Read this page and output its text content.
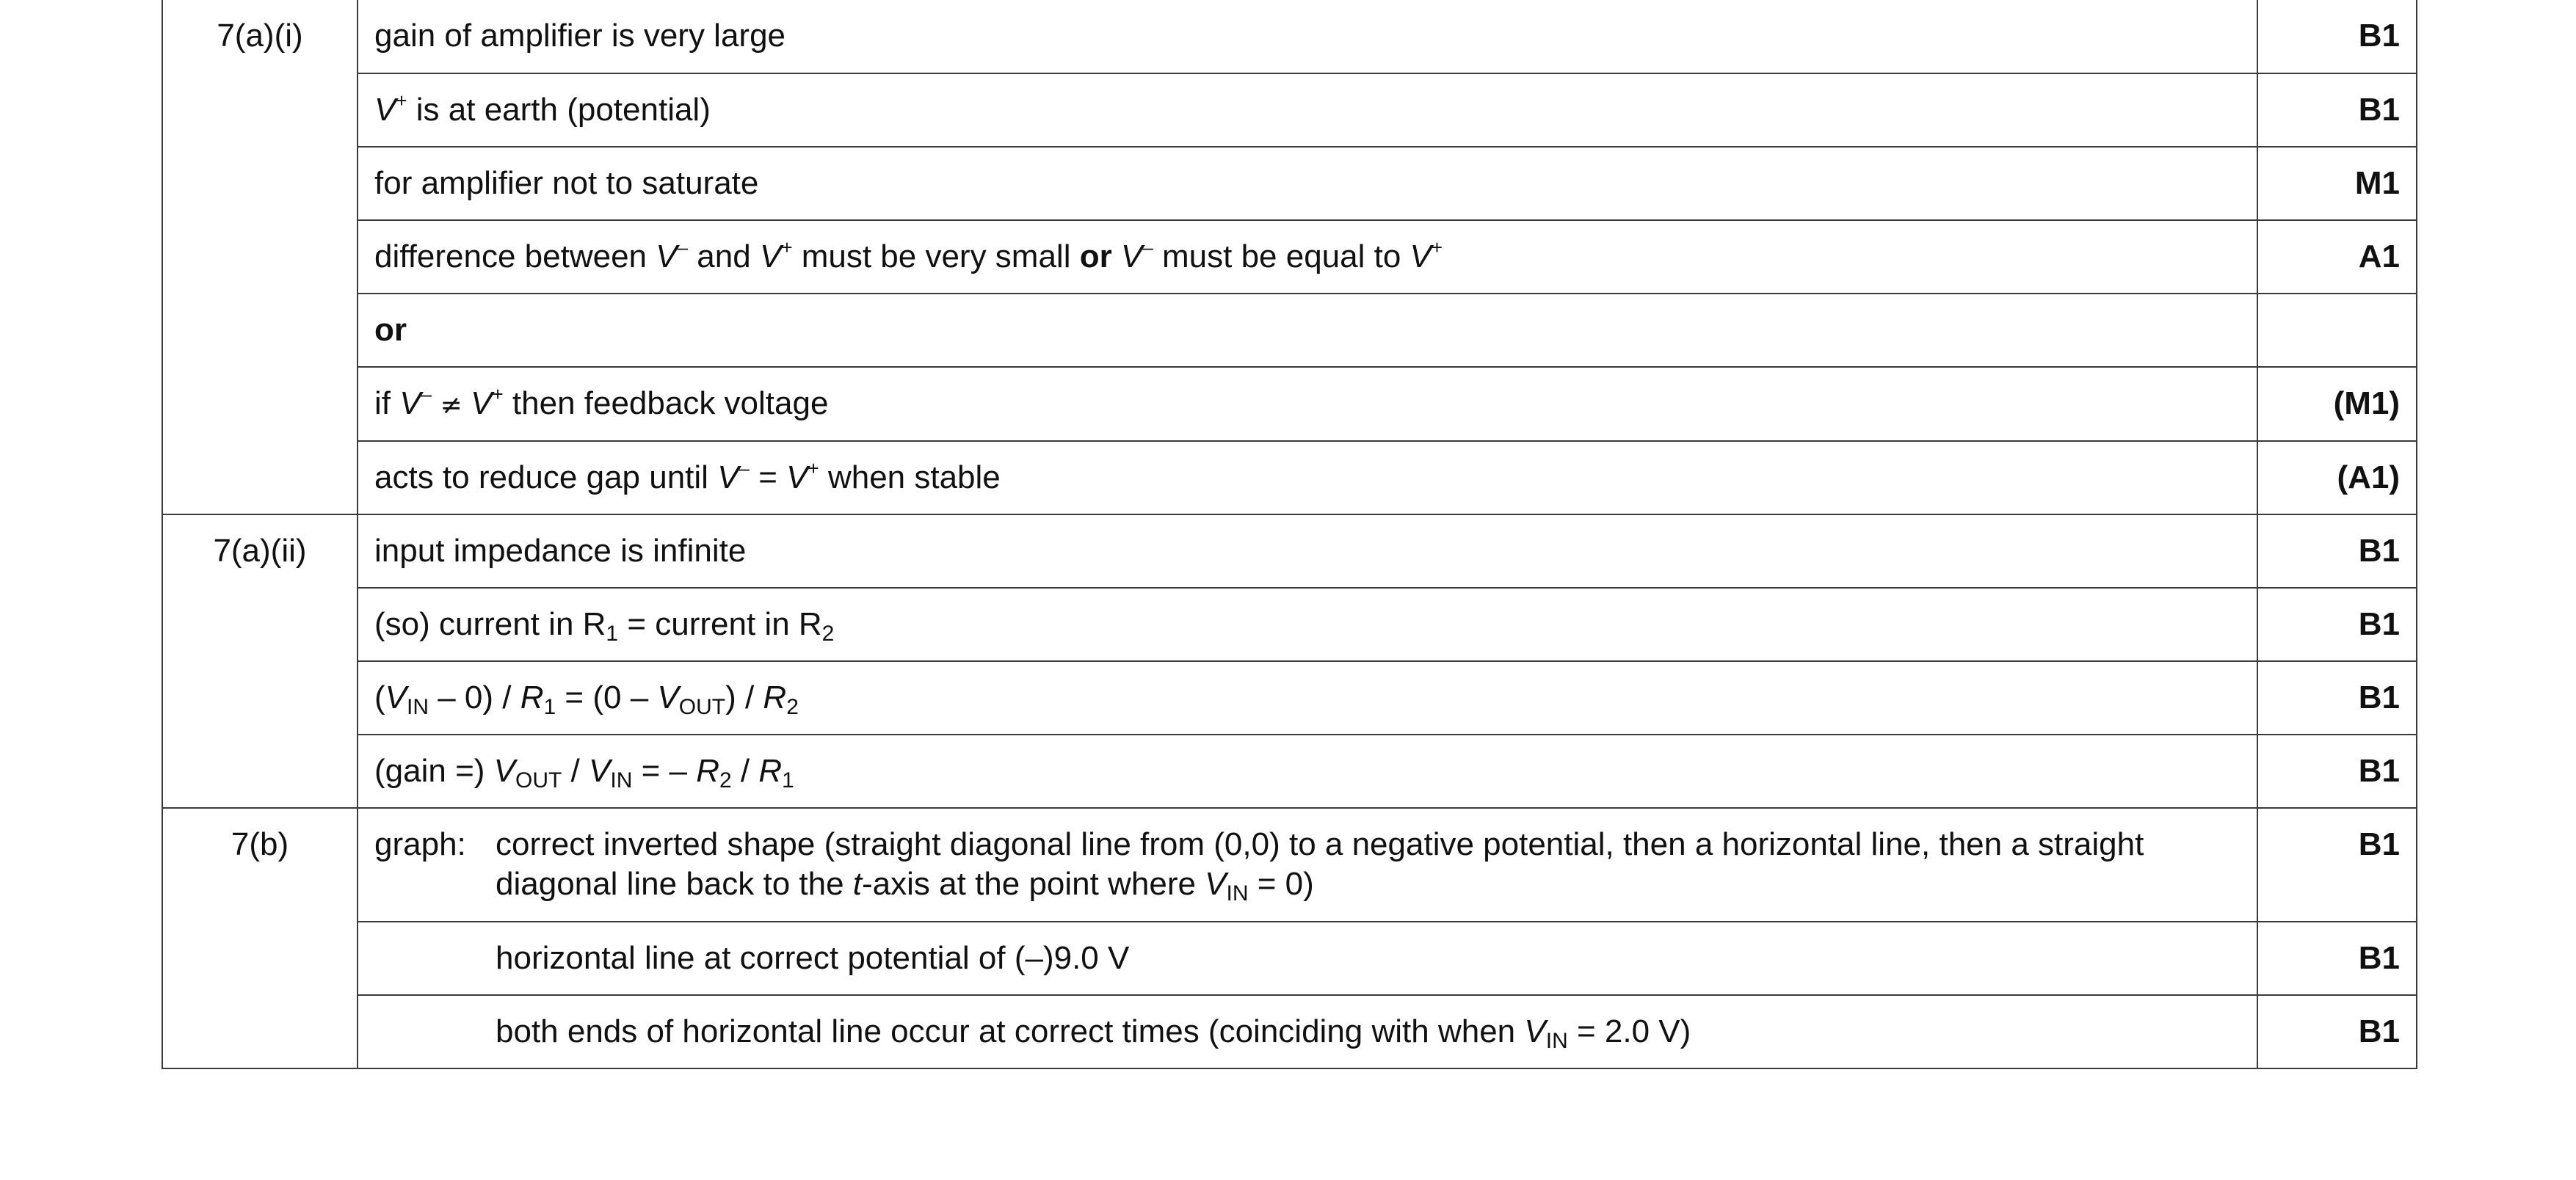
7(a)(i)	gain of amplifier is very large	B1
	V+ is at earth (potential)	B1
	for amplifier not to saturate	M1
	difference between V– and V+ must be very small or V– must be equal to V+	A1
	or	
	if V– ≠ V+ then feedback voltage	(M1)
	acts to reduce gap until V– = V+ when stable	(A1)
7(a)(ii)	input impedance is infinite	B1
	(so) current in $R_1$ = current in $R_2$	B1
	$(V_{IN} - 0) / R_1 = (0 - V_{OUT}) / R_2$	B1
	(gain =) $V_{OUT} / V_{IN}$ = – $R_2 / R_1$	B1
7(b)	graph: correct inverted shape (straight diagonal line from (0,0) to a negative potential, then a horizontal line, then a straight diagonal line back to the t-axis at the point where $V_{IN} = 0$)	B1
	horizontal line at correct potential of (–)9.0 V	B1
	both ends of horizontal line occur at correct times (coinciding with when $V_{IN} = 2.0$ V)	B1
